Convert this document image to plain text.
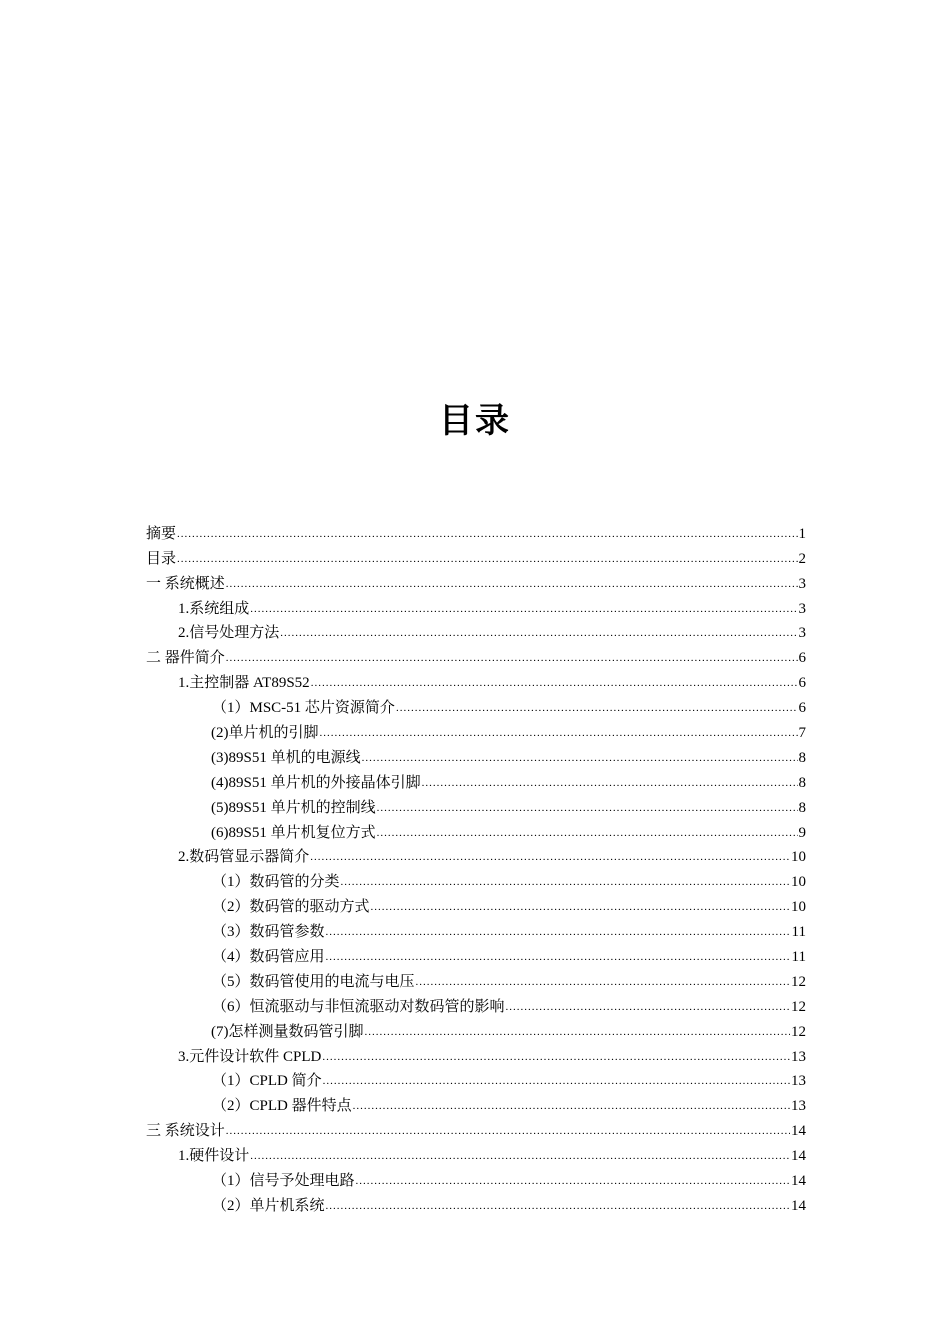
目录
摘要 .....	1
目录 .....	2
一 系统概述 .....	3
1.系统组成 .....	3
2.信号处理方法 .....	3
二 器件简介 .....	6
1.主控制器 AT89S52 .....	6
（1）MSC-51 芯片资源简介 .....	6
(2)单片机的引脚 .....	7
(3)89S51 单机的电源线 .....	8
(4)89S51 单片机的外接晶体引脚 .....	8
(5)89S51 单片机的控制线 .....	8
(6)89S51 单片机复位方式 .....	9
2.数码管显示器简介 .....	10
（1）数码管的分类 .....	10
（2）数码管的驱动方式 .....	10
（3）数码管参数 .....	11
（4）数码管应用 .....	11
（5）数码管使用的电流与电压 .....	12
（6）恒流驱动与非恒流驱动对数码管的影响 .....	12
(7)怎样测量数码管引脚 .....	12
3.元件设计软件 CPLD .....	13
（1）CPLD 简介 .....	13
（2）CPLD 器件特点 .....	13
三 系统设计 .....	14
1.硬件设计 .....	14
（1）信号予处理电路 .....	14
（2）单片机系统 .....	14
